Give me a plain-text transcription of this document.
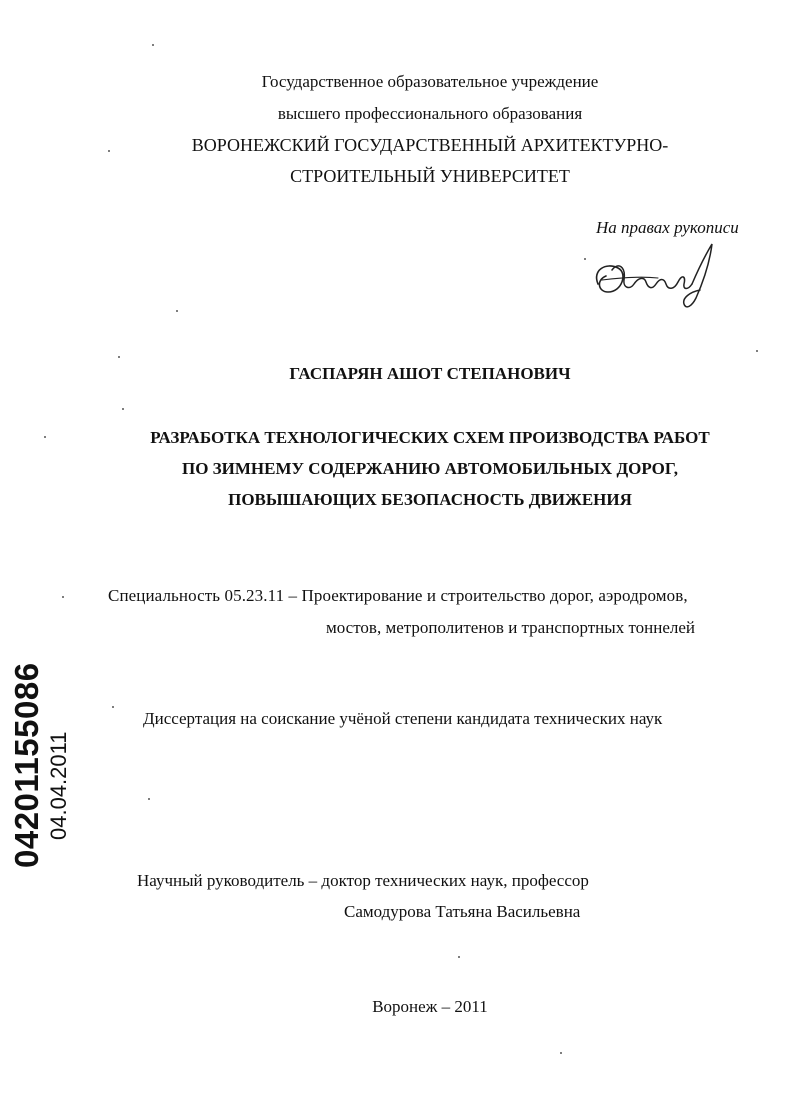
Государственное образовательное учреждение
высшего профессионального образования
ВОРОНЕЖСКИЙ ГОСУДАРСТВЕННЫЙ АРХИТЕКТУРНО-
СТРОИТЕЛЬНЫЙ УНИВЕРСИТЕТ
На правах рукописи
ГАСПАРЯН АШОТ СТЕПАНОВИЧ
РАЗРАБОТКА ТЕХНОЛОГИЧЕСКИХ СХЕМ ПРОИЗВОДСТВА РАБОТ
ПО ЗИМНЕМУ СОДЕРЖАНИЮ АВТОМОБИЛЬНЫХ ДОРОГ,
ПОВЫШАЮЩИХ БЕЗОПАСНОСТЬ ДВИЖЕНИЯ
Специальность 05.23.11 – Проектирование и строительство дорог, аэродромов,
мостов, метрополитенов и транспортных тоннелей
Диссертация на соискание учёной степени кандидата технических наук
Научный руководитель – доктор технических наук, профессор
Самодурова Татьяна Васильевна
Воронеж – 2011
04201155086 04.04.2011
